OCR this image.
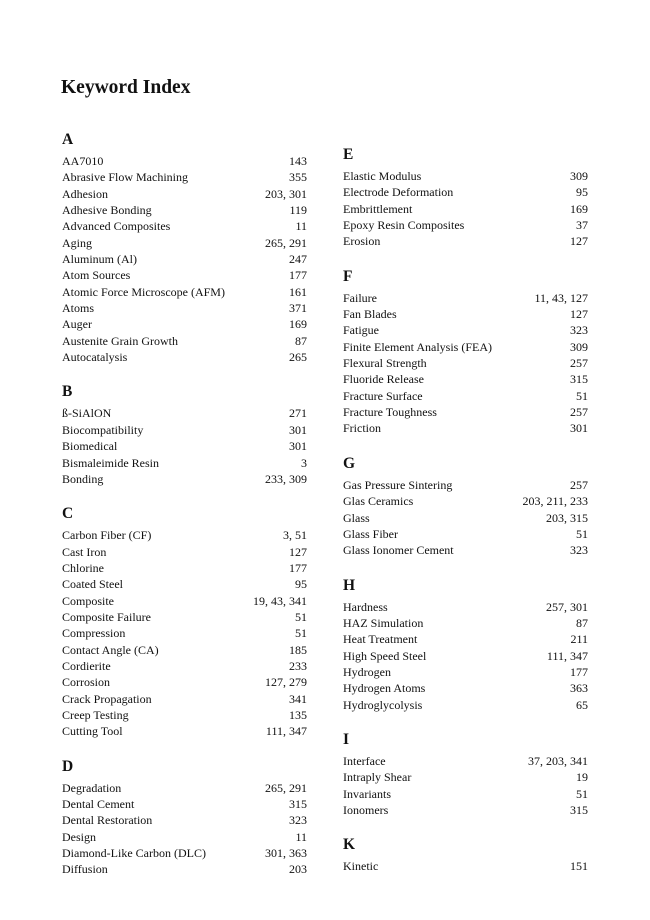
Keyword Index
A
AA7010	143
Abrasive Flow Machining	355
Adhesion	203, 301
Adhesive Bonding	119
Advanced Composites	11
Aging	265, 291
Aluminum (Al)	247
Atom Sources	177
Atomic Force Microscope (AFM)	161
Atoms	371
Auger	169
Austenite Grain Growth	87
Autocatalysis	265
B
ß-SiAlON	271
Biocompatibility	301
Biomedical	301
Bismaleimide Resin	3
Bonding	233, 309
C
Carbon Fiber (CF)	3, 51
Cast Iron	127
Chlorine	177
Coated Steel	95
Composite	19, 43, 341
Composite Failure	51
Compression	51
Contact Angle (CA)	185
Cordierite	233
Corrosion	127, 279
Crack Propagation	341
Creep Testing	135
Cutting Tool	111, 347
D
Degradation	265, 291
Dental Cement	315
Dental Restoration	323
Design	11
Diamond-Like Carbon (DLC)	301, 363
Diffusion	203
E
Elastic Modulus	309
Electrode Deformation	95
Embrittlement	169
Epoxy Resin Composites	37
Erosion	127
F
Failure	11, 43, 127
Fan Blades	127
Fatigue	323
Finite Element Analysis (FEA)	309
Flexural Strength	257
Fluoride Release	315
Fracture Surface	51
Fracture Toughness	257
Friction	301
G
Gas Pressure Sintering	257
Glas Ceramics	203, 211, 233
Glass	203, 315
Glass Fiber	51
Glass Ionomer Cement	323
H
Hardness	257, 301
HAZ Simulation	87
Heat Treatment	211
High Speed Steel	111, 347
Hydrogen	177
Hydrogen Atoms	363
Hydroglycolysis	65
I
Interface	37, 203, 341
Intraply Shear	19
Invariants	51
Ionomers	315
K
Kinetic	151
